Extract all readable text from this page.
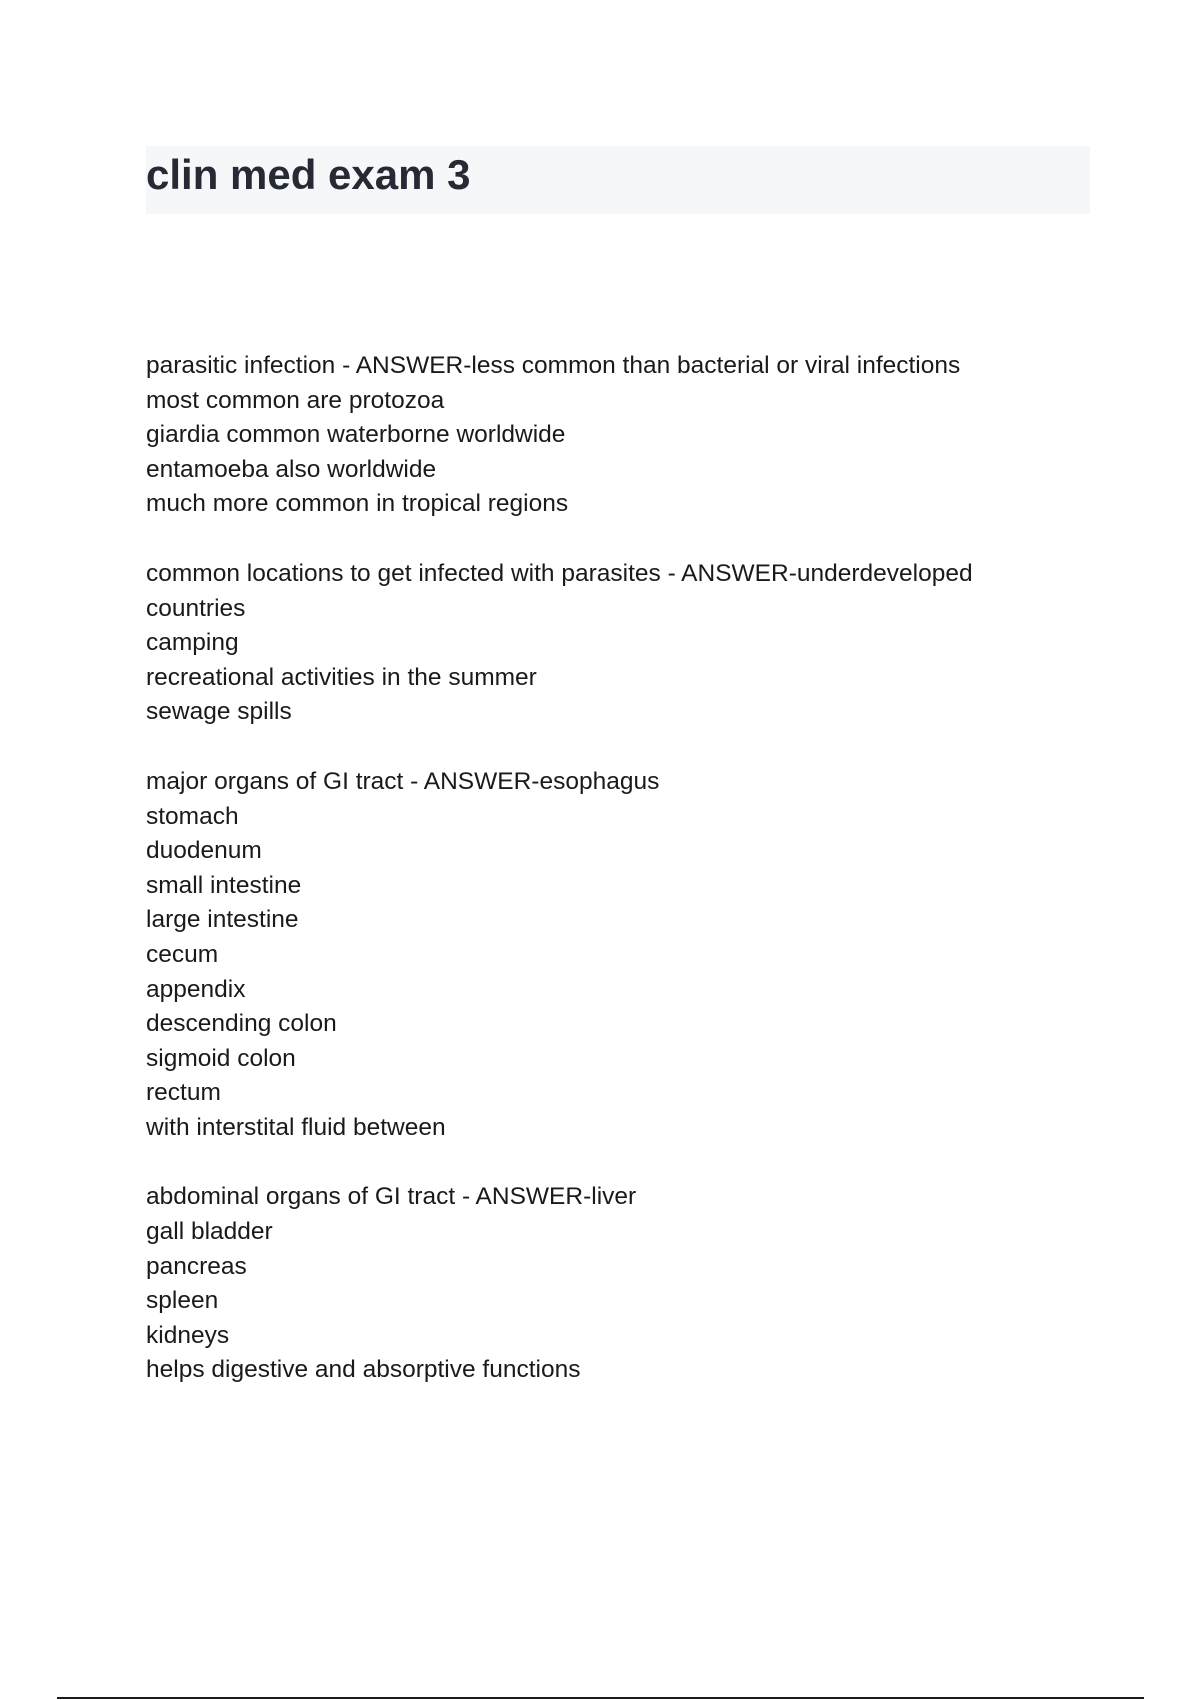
clin med exam 3
parasitic infection - ANSWER-less common than bacterial or viral infections
most common are protozoa
giardia common waterborne worldwide
entamoeba also worldwide
much more common in tropical regions
common locations to get infected with parasites - ANSWER-underdeveloped
countries
camping
recreational activities in the summer
sewage spills
major organs of GI tract - ANSWER-esophagus
stomach
duodenum
small intestine
large intestine
cecum
appendix
descending colon
sigmoid colon
rectum
with interstital fluid between
abdominal organs of GI tract - ANSWER-liver
gall bladder
pancreas
spleen
kidneys
helps digestive and absorptive functions
